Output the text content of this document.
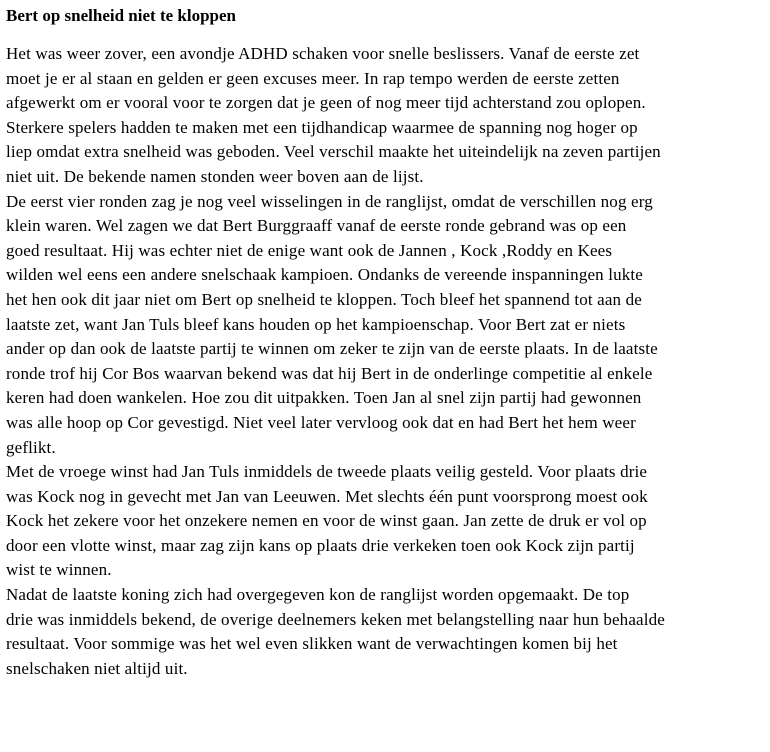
Bert op snelheid niet te kloppen

Het was weer zover, een avondje ADHD schaken voor snelle beslissers. Vanaf de eerste zet
moet je er al staan en gelden er geen excuses meer. In rap tempo werden de eerste zetten
afgewerkt om er vooral voor te zorgen dat je geen of nog meer tijd achterstand zou oplopen.
Sterkere spelers hadden te maken met een tijdhandicap waarmee de spanning nog hoger op
liep omdat extra snelheid was geboden. Veel verschil maakte het uiteindelijk na zeven partijen
niet uit. De bekende namen stonden weer boven aan de lijst.

De eerst vier ronden zag je nog veel wisselingen in de ranglijst, omdat de verschillen nog erg
klein waren. Wel zagen we dat Bert Burggraaff vanaf de eerste ronde gebrand was op een
goed resultaat. Hij was echter niet de enige want ook de Jannen , Kock ,Roddy en Kees
wilden wel eens een andere snelschaak kampioen. Ondanks de vereende inspanningen lukte
het hen ook dit jaar niet om Bert op snelheid te kloppen. Toch bleef het spannend tot aan de
laatste zet, want Jan Tuls bleef kans houden op het kampioenschap. Voor Bert zat er niets
ander op dan ook de laatste partij te winnen om zeker te zijn van de eerste plaats. In de laatste
ronde trof hij Cor Bos waarvan bekend was dat hij Bert in de onderlinge competitie al enkele
keren had doen wankelen. Hoe zou dit uitpakken. Toen Jan al snel zijn partij had gewonnen
was alle hoop op Cor gevestigd. Niet veel later vervloog ook dat en had Bert het hem weer
geflikt.

Met de vroege winst had Jan Tuls inmiddels de tweede plaats veilig gesteld. Voor plaats drie
was Kock nog in gevecht met Jan van Leeuwen. Met slechts één punt voorsprong moest ook
Kock het zekere voor het onzekere nemen en voor de winst gaan. Jan zette de druk er vol op
door een vlotte winst, maar zag zijn kans op plaats drie verkeken toen ook Kock zijn partij
wist te winnen.

Nadat de laatste koning zich had overgegeven kon de ranglijst worden opgemaakt. De top
drie was inmiddels bekend, de overige deelnemers keken met belangstelling naar hun behaalde
resultaat. Voor sommige was het wel even slikken want de verwachtingen komen bij het
snelschaken niet altijd uit.
